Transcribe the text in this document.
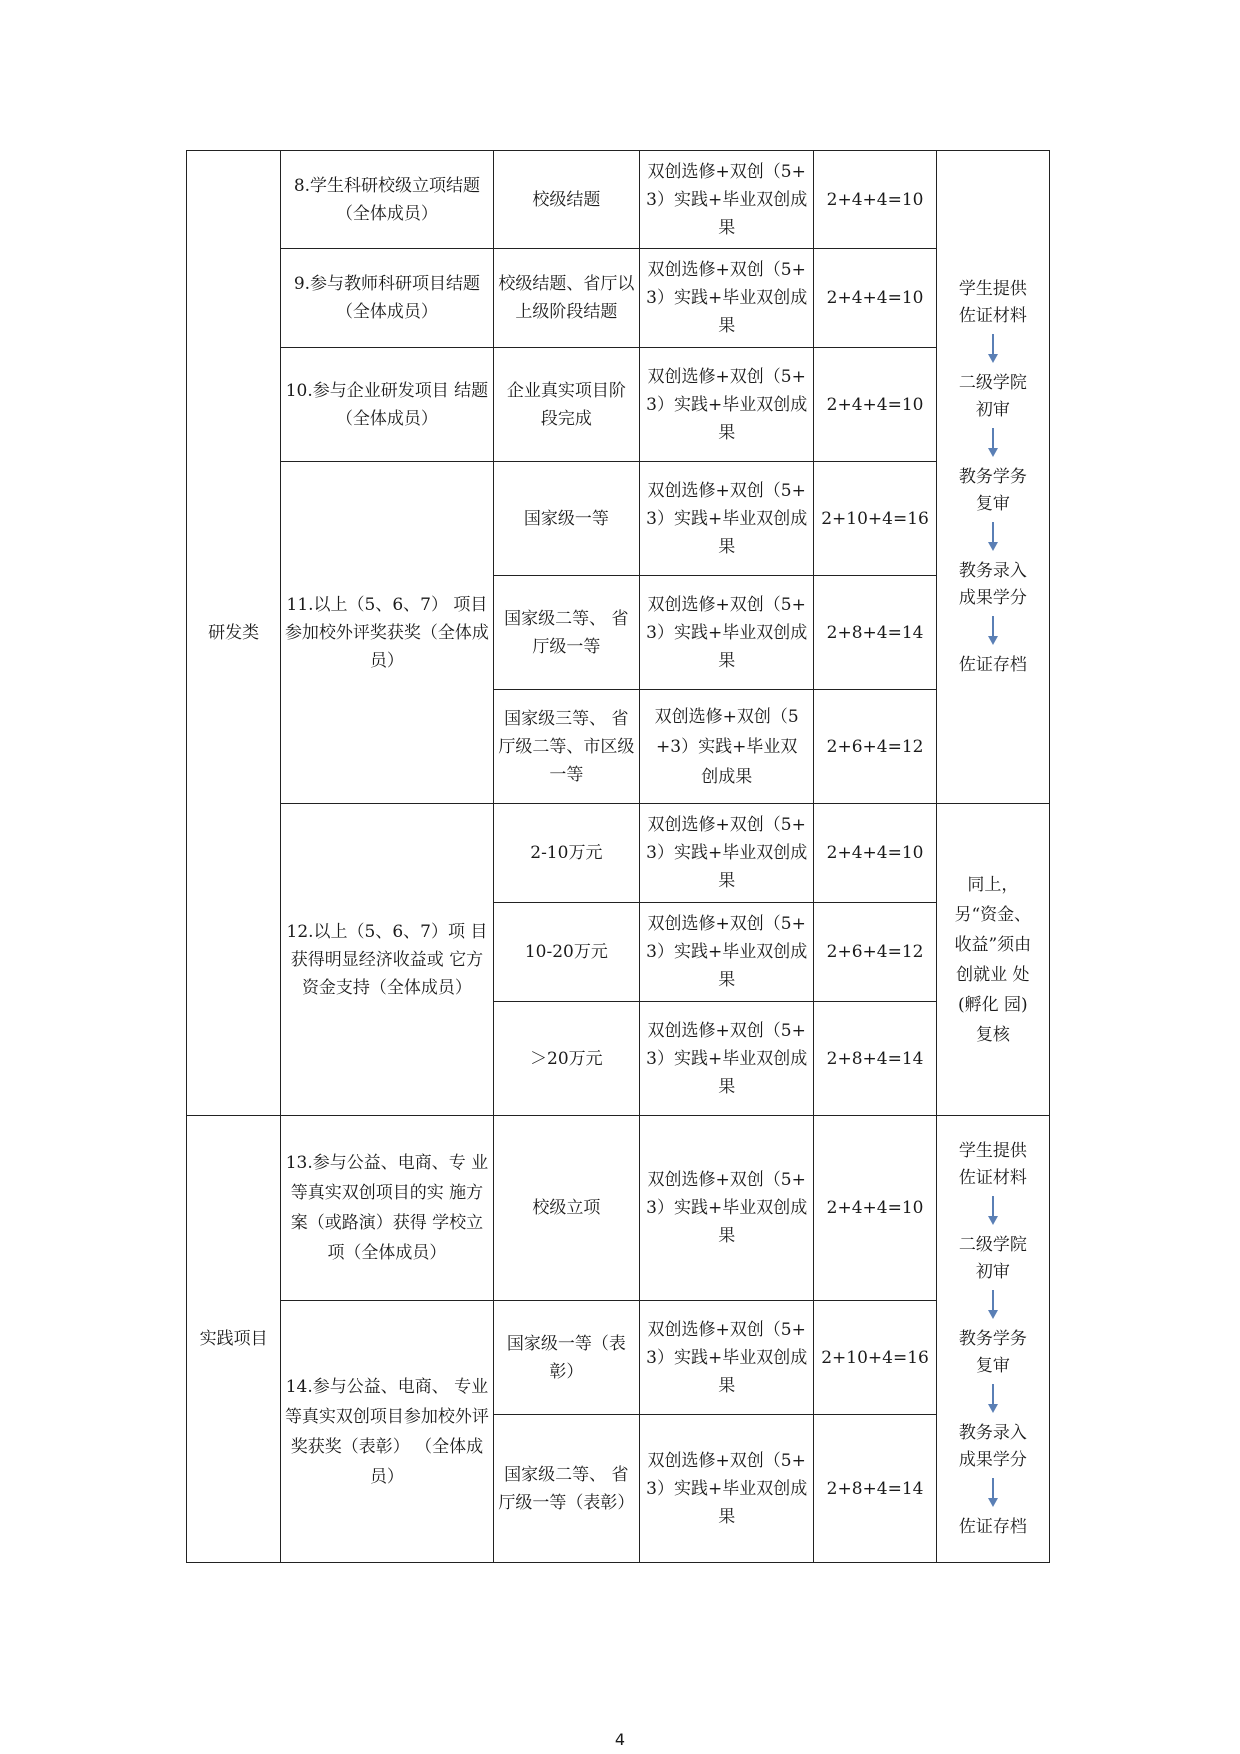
研发类	8.学生科研校级立项结题（全体成员）	校级结题	双创选修+双创（5+3）实践+毕业双创成果	2+4+4=10	学生提供佐证材料
二级学院初审
教务学务复审
教务录入成果学分
佐证存档

	9.参与教师科研项目结题（全体成员）	校级结题、省厅以上级阶段结题	双创选修+双创（5+3）实践+毕业双创成果	2+4+4=10	
	10.参与企业研发项目 结题（全体成员）	企业真实项目阶段完成	双创选修+双创（5+3）实践+毕业双创成果	2+4+4=10	
	11.以上（5、6、7） 项目参加校外评奖获奖（全体成员）	国家级一等	双创选修+双创（5+3）实践+毕业双创成果	2+10+4=16	
		国家级二等、 省厅级一等	双创选修+双创（5+3）实践+毕业双创成果	2+8+4=14	
		国家级三等、 省厅级二等、市区级一等	双创选修+双创（5+3）实践+毕业双创成果	2+6+4=12	
	12.以上（5、6、7）项 目获得明显经济收益或 它方资金支持（全体成员）	2-10万元	双创选修+双创（5+3）实践+毕业双创成果	2+4+4=10	同上，另“资金、收益”须由创就业 处(孵化 园)复核

		10-20万元	双创选修+双创（5+3）实践+毕业双创成果	2+6+4=12	
		＞20万元	双创选修+双创（5+3）实践+毕业双创成果	2+8+4=14	
实践项目	13.参与公益、电商、专 业等真实双创项目的实 施方案（或路演）获得 学校立项（全体成员）	校级立项	双创选修+双创（5+3）实践+毕业双创成果	2+4+4=10	学生提供佐证材料
二级学院初审
教务学务复审
教务录入成果学分
佐证存档

	14.参与公益、电商、 专业等真实双创项目参加校外评奖获奖（表彰） （全体成员）	国家级一等（表彰）	双创选修+双创（5+3）实践+毕业双创成果	2+10+4=16	
		国家级二等、 省厅级一等（表彰）	双创选修+双创（5+3）实践+毕业双创成果	2+8+4=14	
4
